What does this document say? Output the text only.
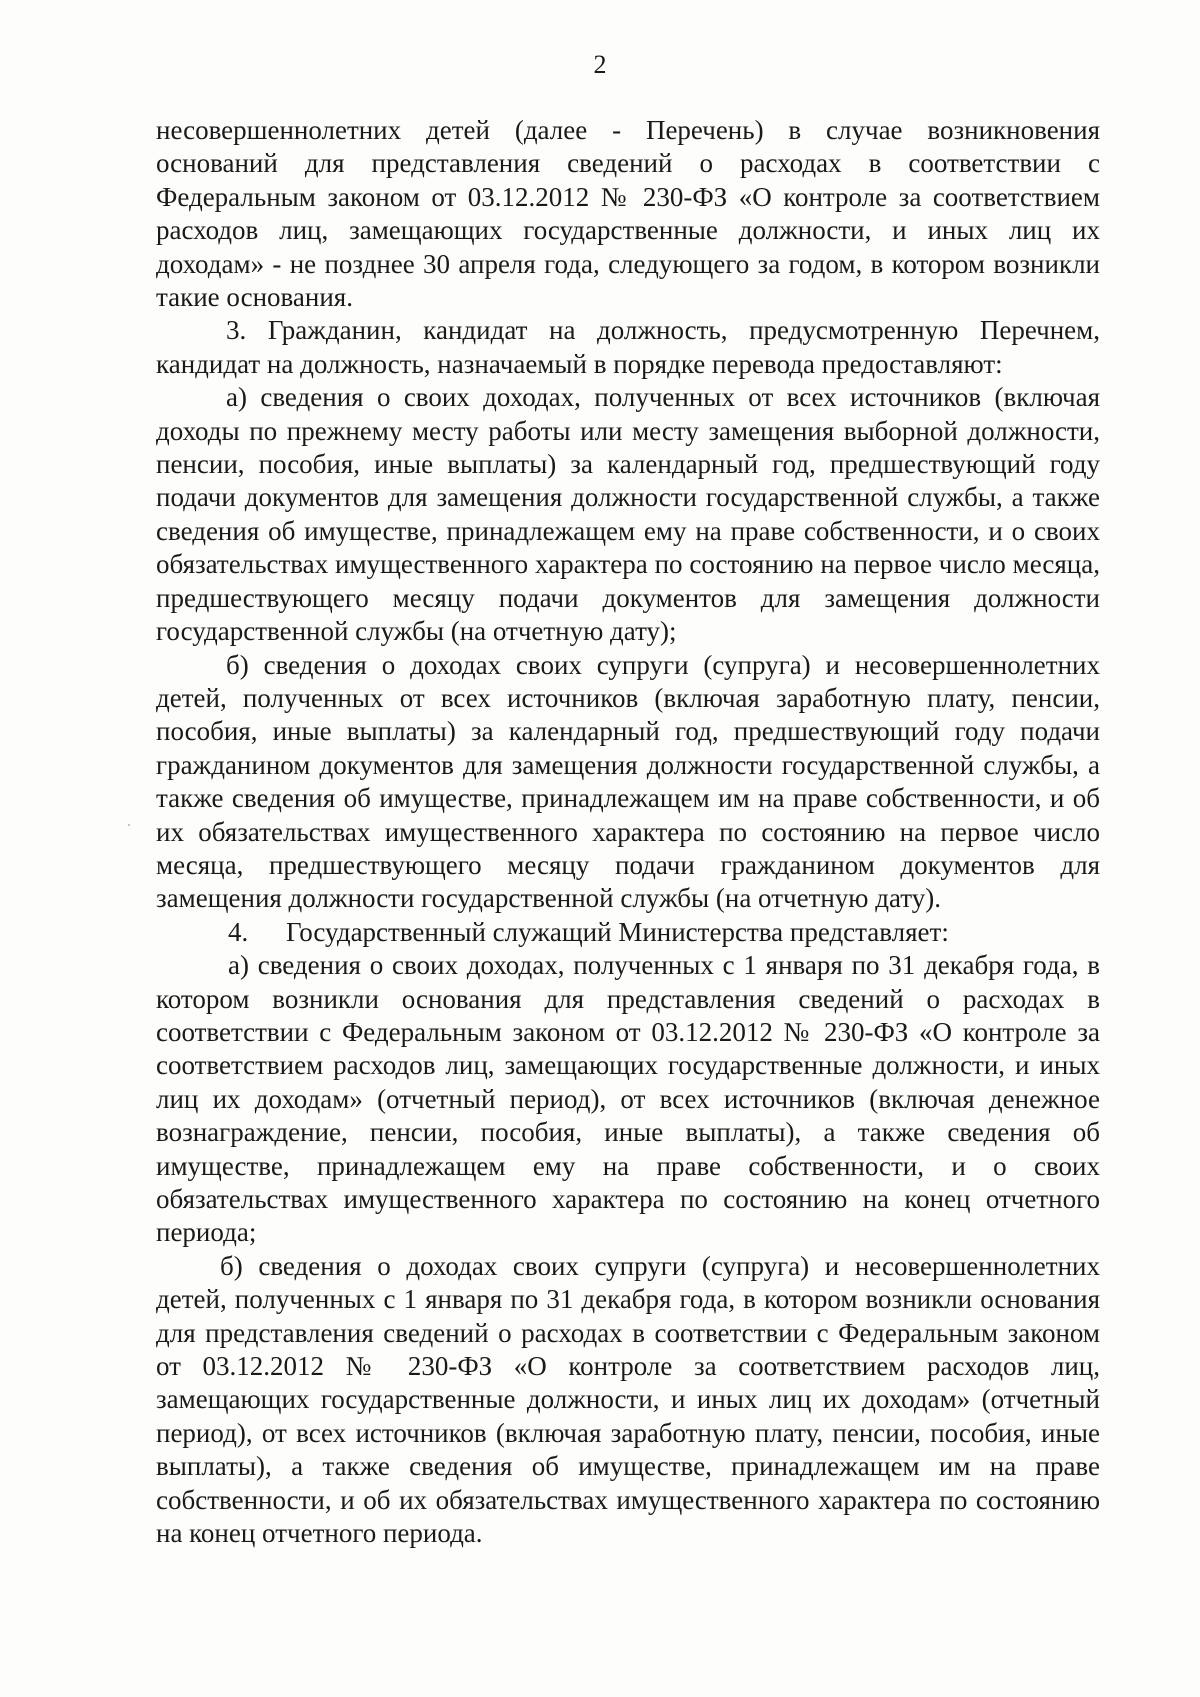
2

несовершеннолетних детей (далее - Перечень) в случае возникновения оснований для представления сведений о расходах в соответствии с Федеральным законом от 03.12.2012 № 230-ФЗ «О контроле за соответствием расходов лиц, замещающих государственные должности, и иных лиц их доходам» - не позднее 30 апреля года, следующего за годом, в котором возникли такие основания.

3. Гражданин, кандидат на должность, предусмотренную Перечнем, кандидат на должность, назначаемый в порядке перевода предоставляют:

а) сведения о своих доходах, полученных от всех источников (включая доходы по прежнему месту работы или месту замещения выборной должности, пенсии, пособия, иные выплаты) за календарный год, предшествующий году подачи документов для замещения должности государственной службы, а также сведения об имуществе, принадлежащем ему на праве собственности, и о своих обязательствах имущественного характера по состоянию на первое число месяца, предшествующего месяцу подачи документов для замещения должности государственной службы (на отчетную дату);

б) сведения о доходах своих супруги (супруга) и несовершеннолетних детей, полученных от всех источников (включая заработную плату, пенсии, пособия, иные выплаты) за календарный год, предшествующий году подачи гражданином документов для замещения должности государственной службы, а также сведения об имуществе, принадлежащем им на праве собственности, и об их обязательствах имущественного характера по состоянию на первое число месяца, предшествующего месяцу подачи гражданином документов для замещения должности государственной службы (на отчетную дату).

4. Государственный служащий Министерства представляет:

а) сведения о своих доходах, полученных с 1 января по 31 декабря года, в котором возникли основания для представления сведений о расходах в соответствии с Федеральным законом от 03.12.2012 № 230-ФЗ «О контроле за соответствием расходов лиц, замещающих государственные должности, и иных лиц их доходам» (отчетный период), от всех источников (включая денежное вознаграждение, пенсии, пособия, иные выплаты), а также сведения об имуществе, принадлежащем ему на праве собственности, и о своих обязательствах имущественного характера по состоянию на конец отчетного периода;

б) сведения о доходах своих супруги (супруга) и несовершеннолетних детей, полученных с 1 января по 31 декабря года, в котором возникли основания для представления сведений о расходах в соответствии с Федеральным законом от 03.12.2012 № 230-ФЗ «О контроле за соответствием расходов лиц, замещающих государственные должности, и иных лиц их доходам» (отчетный период), от всех источников (включая заработную плату, пенсии, пособия, иные выплаты), а также сведения об имуществе, принадлежащем им на праве собственности, и об их обязательствах имущественного характера по состоянию на конец отчетного периода.
